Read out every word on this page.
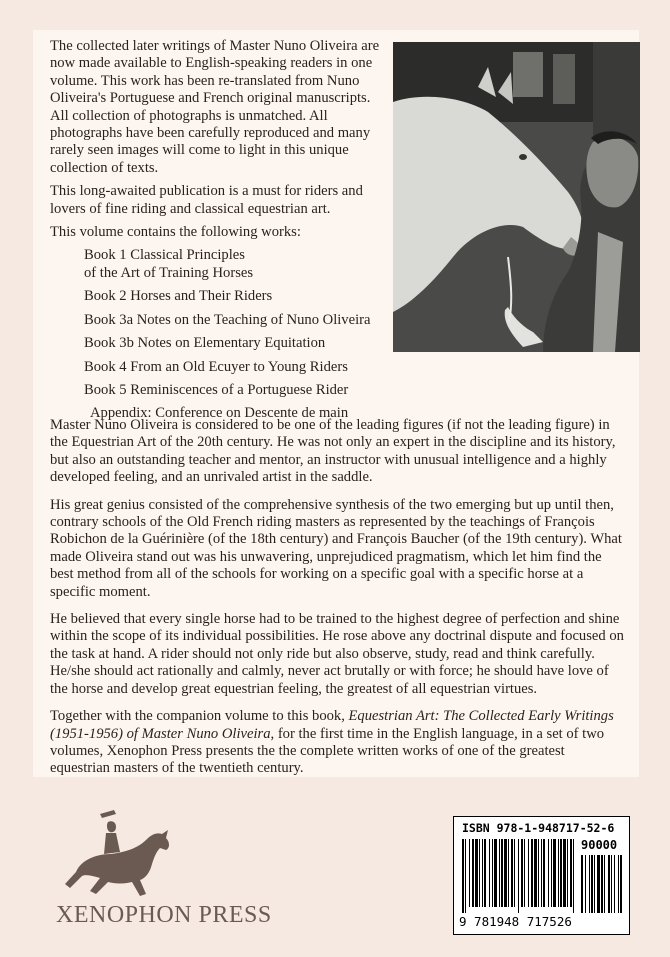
The collected later writings of Master Nuno Oliveira are now made available to English-speaking readers in one volume. This work has been re-translated from Nuno Oliveira's Portuguese and French original manuscripts. All collection of photographs is unmatched. All photographs have been carefully reproduced and many rarely seen images will come to light in this unique collection of texts.

This long-awaited publication is a must for riders and lovers of fine riding and classical equestrian art.

This volume contains the following works:

Book 1 Classical Principles
of the Art of Training Horses
Book 2 Horses and Their Riders
Book 3a Notes on the Teaching of Nuno Oliveira
Book 3b Notes on Elementary Equitation
Book 4 From an Old Ecuyer to Young Riders
Book 5 Reminiscences of a Portuguese Rider
Appendix: Conference on Descente de main

Master Nuno Oliveira is considered to be one of the leading figures (if not the leading figure) in the Equestrian Art of the 20th century. He was not only an expert in the discipline and its history, but also an outstanding teacher and mentor, an instructor with unusual intelligence and a highly developed feeling, and an unrivaled artist in the saddle.

His great genius consisted of the comprehensive synthesis of the two emerging but up until then, contrary schools of the Old French riding masters as represented by the teachings of François Robichon de la Guérinière (of the 18th century) and François Baucher (of the 19th century). What made Oliveira stand out was his unwavering, unprejudiced pragmatism, which let him find the best method from all of the schools for working on a specific goal with a specific horse at a specific moment.

He believed that every single horse had to be trained to the highest degree of perfection and shine within the scope of its individual possibilities. He rose above any doctrinal dispute and focused on the task at hand. A rider should not only ride but also observe, study, read and think carefully. He/she should act rationally and calmly, never act brutally or with force; he should have love of the horse and develop great equestrian feeling, the greatest of all equestrian virtues.

Together with the companion volume to this book, Equestrian Art: The Collected Early Writings (1951-1956) of Master Nuno Oliveira, for the first time in the English language, in a set of two volumes, Xenophon Press presents the the complete written works of one of the greatest equestrian masters of the twentieth century.

XENOPHON PRESS
ISBN 978-1-948717-52-6
90000
9 781948 717526
